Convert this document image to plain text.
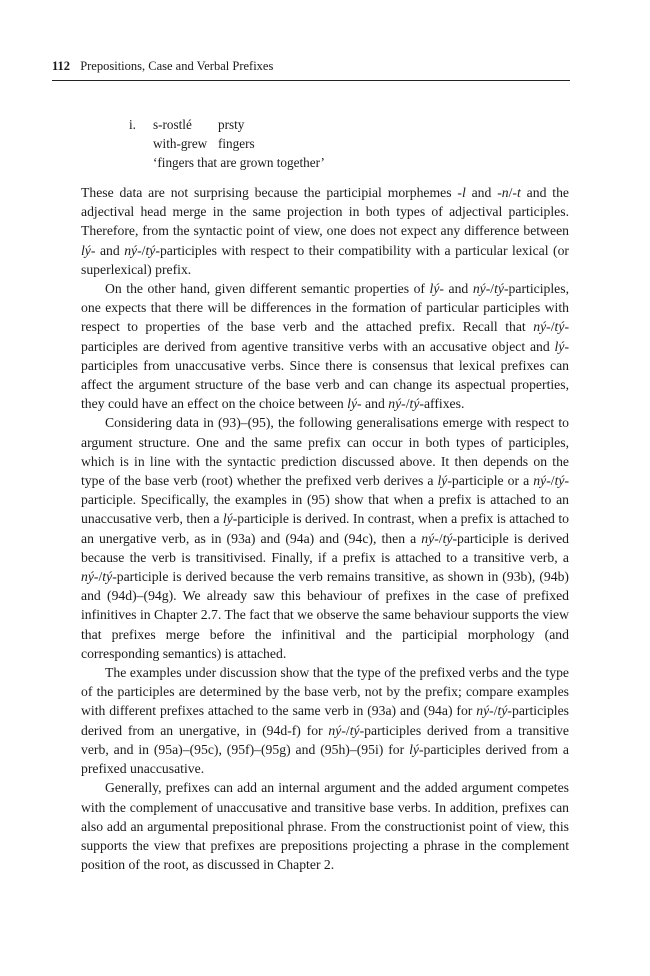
112 Prepositions, Case and Verbal Prefixes
i.	s-rostlé	prsty
with-grew fingers
‘fingers that are grown together’

These data are not surprising because the participial morphemes -l and -n/-t and the adjectival head merge in the same projection in both types of adjectival participles. Therefore, from the syntactic point of view, one does not expect any difference between lý- and ný-/tý-participles with respect to their compatibility with a particular lexical (or superlexical) prefix.

On the other hand, given different semantic properties of lý- and ný-/tý-participles, one expects that there will be differences in the formation of particular participles with respect to properties of the base verb and the attached prefix. Recall that ný-/tý-participles are derived from agentive transitive verbs with an accusative object and lý-participles from unaccusative verbs. Since there is consensus that lexical prefixes can affect the argument structure of the base verb and can change its aspectual properties, they could have an effect on the choice between lý- and ný-/tý-affixes.

Considering data in (93)–(95), the following generalisations emerge with respect to argument structure. One and the same prefix can occur in both types of participles, which is in line with the syntactic prediction discussed above. It then depends on the type of the base verb (root) whether the prefixed verb derives a lý-participle or a ný-/tý-participle. Specifically, the examples in (95) show that when a prefix is attached to an unaccusative verb, then a lý-participle is derived. In contrast, when a prefix is attached to an unergative verb, as in (93a) and (94a) and (94c), then a ný-/tý-participle is derived because the verb is transitivised. Finally, if a prefix is attached to a transitive verb, a ný-/tý-participle is derived because the verb remains transitive, as shown in (93b), (94b) and (94d)–(94g). We already saw this behaviour of prefixes in the case of prefixed infinitives in Chapter 2.7. The fact that we observe the same behaviour supports the view that prefixes merge before the infinitival and the participial morphology (and corresponding semantics) is attached.

The examples under discussion show that the type of the prefixed verbs and the type of the participles are determined by the base verb, not by the prefix; compare examples with different prefixes attached to the same verb in (93a) and (94a) for ný-/tý-participles derived from an unergative, in (94d-f) for ný-/tý-participles derived from a transitive verb, and in (95a)–(95c), (95f)–(95g) and (95h)–(95i) for lý-participles derived from a prefixed unaccusative.

Generally, prefixes can add an internal argument and the added argument competes with the complement of unaccusative and transitive base verbs. In addition, prefixes can also add an argumental prepositional phrase. From the constructionist point of view, this supports the view that prefixes are prepositions projecting a phrase in the complement position of the root, as discussed in Chapter 2.
